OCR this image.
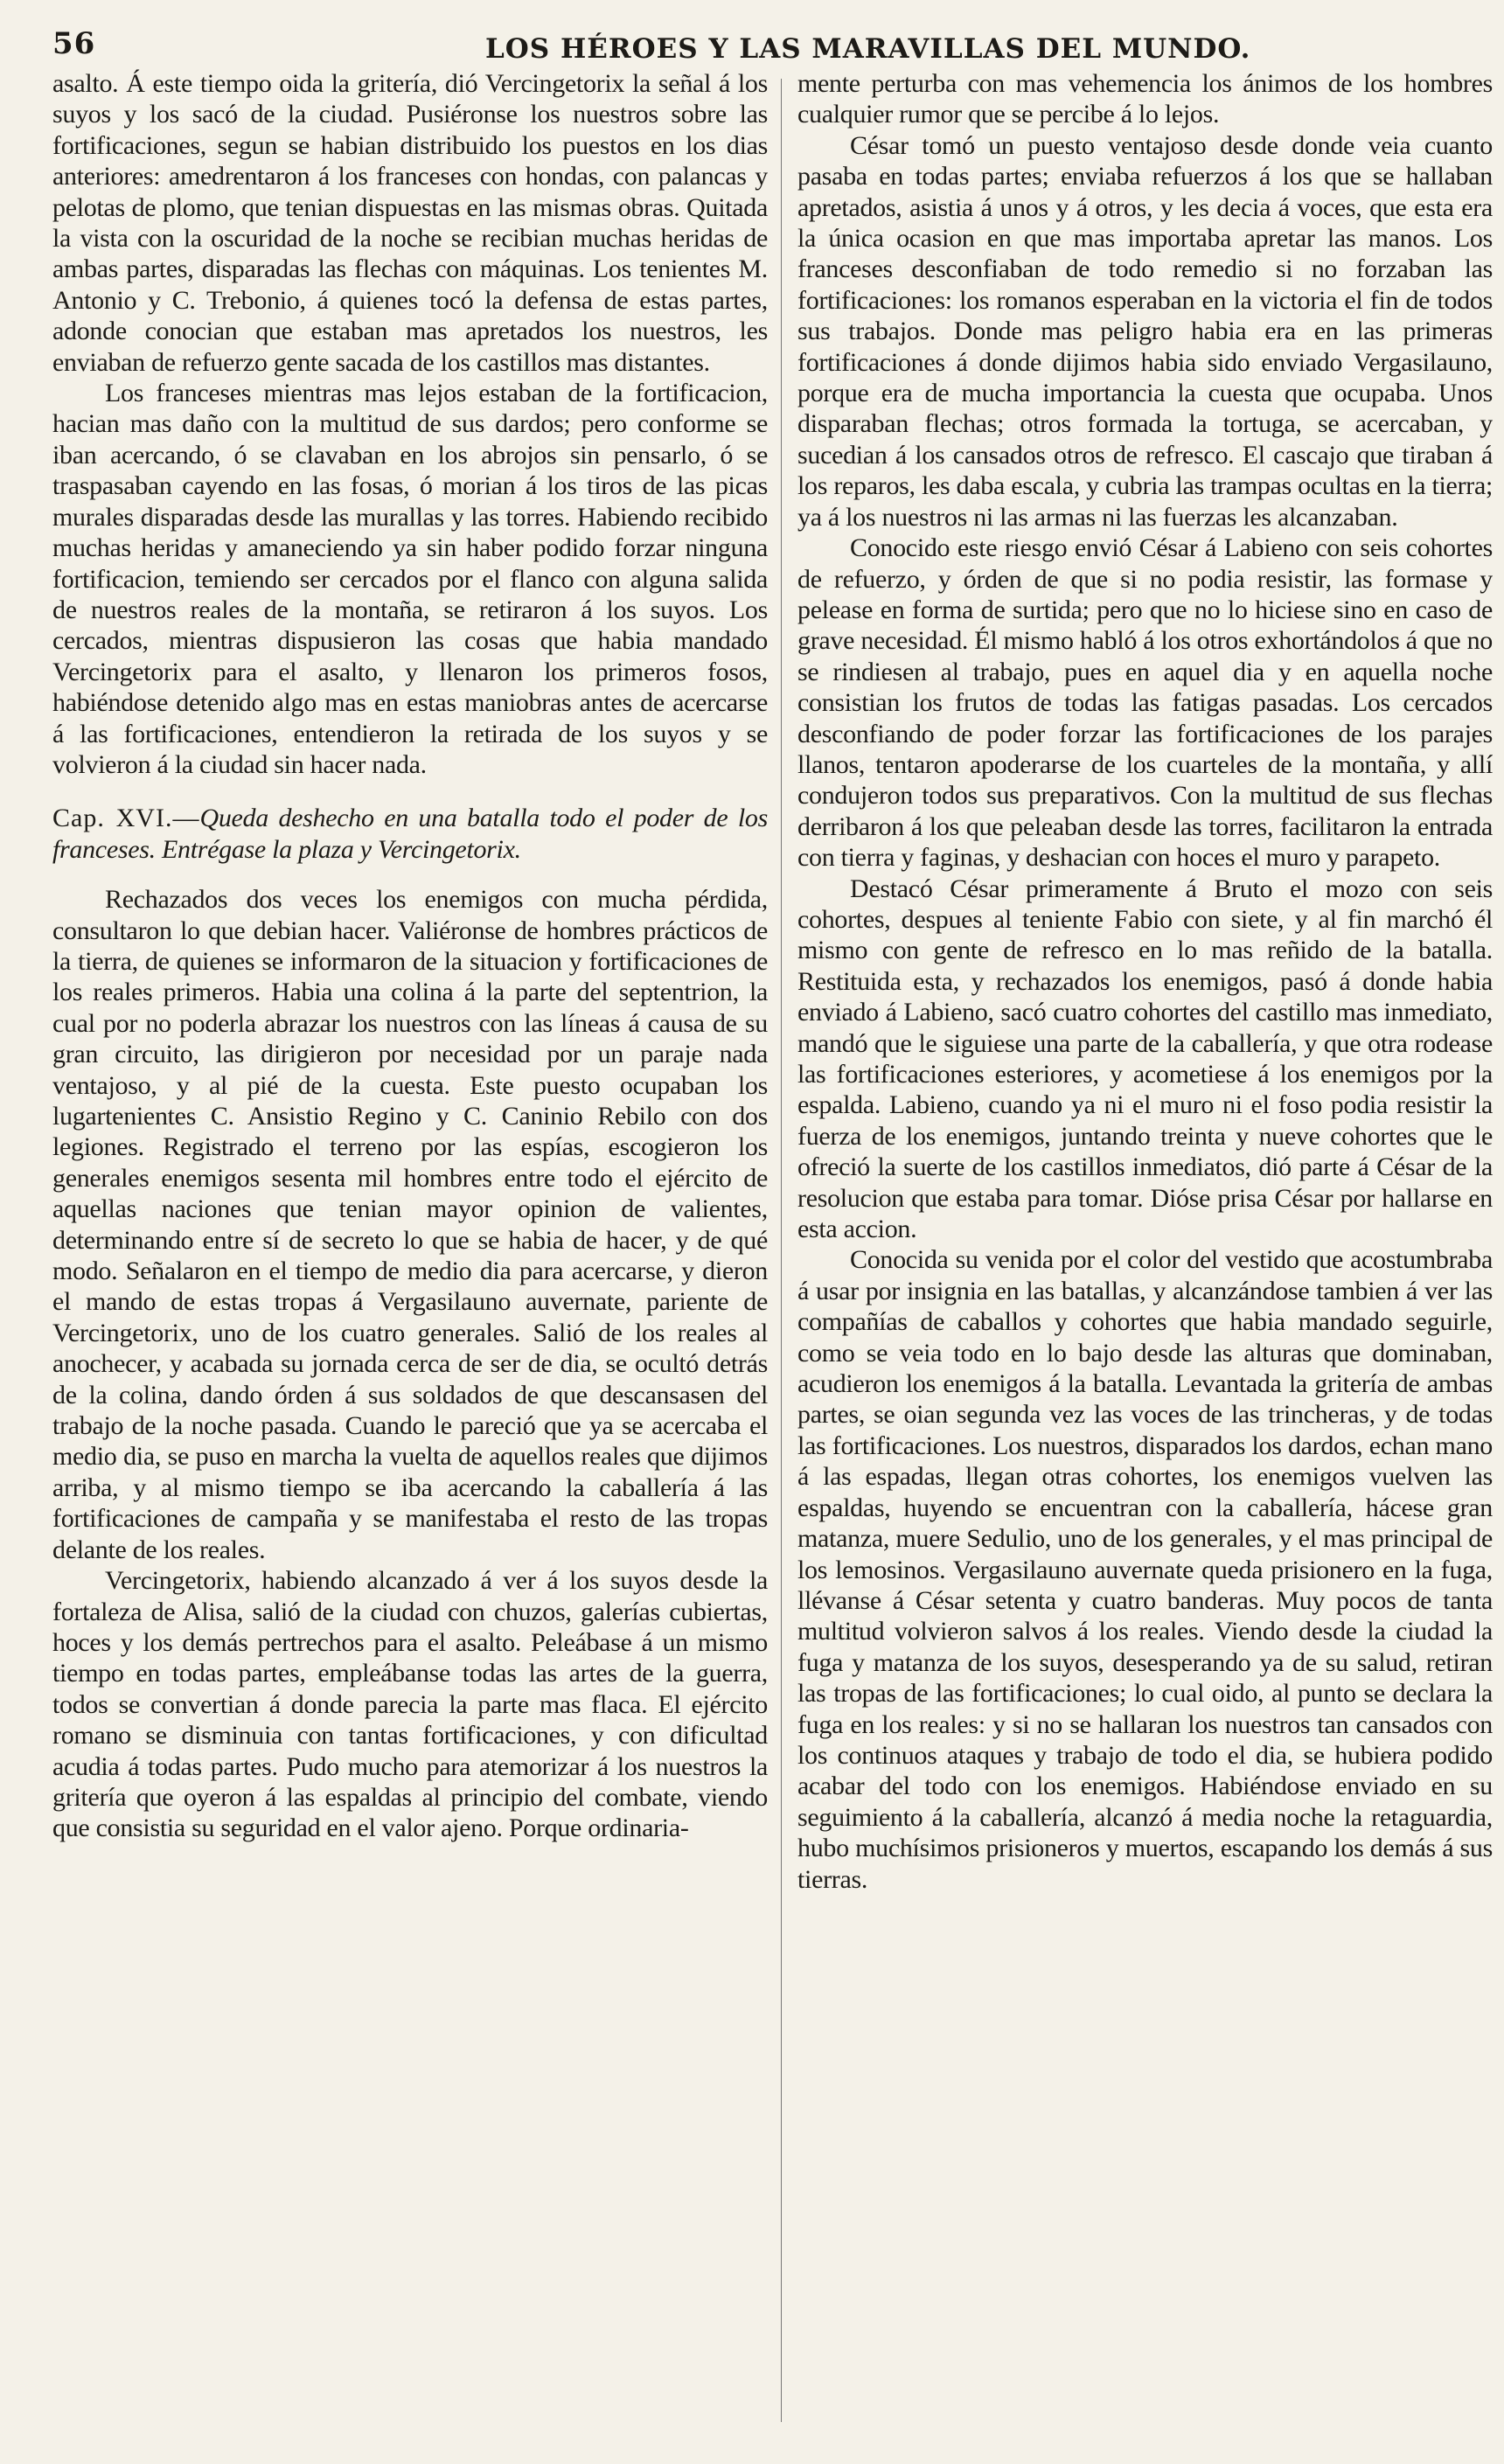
56	LOS HÉROES Y LAS MARAVILLAS DEL MUNDO.

asalto. Á este tiempo oida la gritería, dió Vercingetorix la señal á los suyos y los sacó de la ciudad. Pusiéronse los nuestros sobre las fortificaciones, segun se habian distribuido los puestos en los dias anteriores: amedrentaron á los franceses con hondas, con palancas y pelotas de plomo, que tenian dispuestas en las mismas obras. Quitada la vista con la oscuridad de la noche se recibian muchas heridas de ambas partes, disparadas las flechas con máquinas. Los tenientes M. Antonio y C. Trebonio, á quienes tocó la defensa de estas partes, adonde conocian que estaban mas apretados los nuestros, les enviaban de refuerzo gente sacada de los castillos mas distantes.

Los franceses mientras mas lejos estaban de la fortificacion, hacian mas daño con la multitud de sus dardos; pero conforme se iban acercando, ó se clavaban en los abrojos sin pensarlo, ó se traspasaban cayendo en las fosas, ó morian á los tiros de las picas murales disparadas desde las murallas y las torres. Habiendo recibido muchas heridas y amaneciendo ya sin haber podido forzar ninguna fortificacion, temiendo ser cercados por el flanco con alguna salida de nuestros reales de la montaña, se retiraron á los suyos. Los cercados, mientras dispusieron las cosas que habia mandado Vercingetorix para el asalto, y llenaron los primeros fosos, habiéndose detenido algo mas en estas maniobras antes de acercarse á las fortificaciones, entendieron la retirada de los suyos y se volvieron á la ciudad sin hacer nada.

Cap. XVI.—Queda deshecho en una batalla todo el poder de los franceses. Entrégase la plaza y Vercingetorix.

Rechazados dos veces los enemigos con mucha pérdida, consultaron lo que debian hacer. Valiéronse de hombres prácticos de la tierra, de quienes se informaron de la situacion y fortificaciones de los reales primeros. Habia una colina á la parte del septentrion, la cual por no poderla abrazar los nuestros con las líneas á causa de su gran circuito, las dirigieron por necesidad por un paraje nada ventajoso, y al pié de la cuesta. Este puesto ocupaban los lugartenientes C. Ansistio Regino y C. Caninio Rebilo con dos legiones. Registrado el terreno por las espías, escogieron los generales enemigos sesenta mil hombres entre todo el ejército de aquellas naciones que tenian mayor opinion de valientes, determinando entre sí de secreto lo que se habia de hacer, y de qué modo. Señalaron en el tiempo de medio dia para acercarse, y dieron el mando de estas tropas á Vergasilauno auvernate, pariente de Vercingetorix, uno de los cuatro generales. Salió de los reales al anochecer, y acabada su jornada cerca de ser de dia, se ocultó detrás de la colina, dando órden á sus soldados de que descansasen del trabajo de la noche pasada. Cuando le pareció que ya se acercaba el medio dia, se puso en marcha la vuelta de aquellos reales que dijimos arriba, y al mismo tiempo se iba acercando la caballería á las fortificaciones de campaña y se manifestaba el resto de las tropas delante de los reales.

Vercingetorix, habiendo alcanzado á ver á los suyos desde la fortaleza de Alisa, salió de la ciudad con chuzos, galerías cubiertas, hoces y los demás pertrechos para el asalto. Peleábase á un mismo tiempo en todas partes, empleábanse todas las artes de la guerra, todos se convertian á donde parecia la parte mas flaca. El ejército romano se disminuia con tantas fortificaciones, y con dificultad acudia á todas partes. Pudo mucho para atemorizar á los nuestros la gritería que oyeron á las espaldas al principio del combate, viendo que consistia su seguridad en el valor ajeno. Porque ordinaria-

mente perturba con mas vehemencia los ánimos de los hombres cualquier rumor que se percibe á lo lejos.

César tomó un puesto ventajoso desde donde veia cuanto pasaba en todas partes; enviaba refuerzos á los que se hallaban apretados, asistia á unos y á otros, y les decia á voces, que esta era la única ocasion en que mas importaba apretar las manos. Los franceses desconfiaban de todo remedio si no forzaban las fortificaciones: los romanos esperaban en la victoria el fin de todos sus trabajos. Donde mas peligro habia era en las primeras fortificaciones á donde dijimos habia sido enviado Vergasilauno, porque era de mucha importancia la cuesta que ocupaba. Unos disparaban flechas; otros formada la tortuga, se acercaban, y sucedian á los cansados otros de refresco. El cascajo que tiraban á los reparos, les daba escala, y cubria las trampas ocultas en la tierra; ya á los nuestros ni las armas ni las fuerzas les alcanzaban.

Conocido este riesgo envió César á Labieno con seis cohortes de refuerzo, y órden de que si no podia resistir, las formase y pelease en forma de surtida; pero que no lo hiciese sino en caso de grave necesidad. Él mismo habló á los otros exhortándolos á que no se rindiesen al trabajo, pues en aquel dia y en aquella noche consistian los frutos de todas las fatigas pasadas. Los cercados desconfiando de poder forzar las fortificaciones de los parajes llanos, tentaron apoderarse de los cuarteles de la montaña, y allí condujeron todos sus preparativos. Con la multitud de sus flechas derribaron á los que peleaban desde las torres, facilitaron la entrada con tierra y faginas, y deshacian con hoces el muro y parapeto.

Destacó César primeramente á Bruto el mozo con seis cohortes, despues al teniente Fabio con siete, y al fin marchó él mismo con gente de refresco en lo mas reñido de la batalla. Restituida esta, y rechazados los enemigos, pasó á donde habia enviado á Labieno, sacó cuatro cohortes del castillo mas inmediato, mandó que le siguiese una parte de la caballería, y que otra rodease las fortificaciones esteriores, y acometiese á los enemigos por la espalda. Labieno, cuando ya ni el muro ni el foso podia resistir la fuerza de los enemigos, juntando treinta y nueve cohortes que le ofreció la suerte de los castillos inmediatos, dió parte á César de la resolucion que estaba para tomar. Dióse prisa César por hallarse en esta accion.

Conocida su venida por el color del vestido que acostumbraba á usar por insignia en las batallas, y alcanzándose tambien á ver las compañías de caballos y cohortes que habia mandado seguirle, como se veia todo en lo bajo desde las alturas que dominaban, acudieron los enemigos á la batalla. Levantada la gritería de ambas partes, se oian segunda vez las voces de las trincheras, y de todas las fortificaciones. Los nuestros, disparados los dardos, echan mano á las espadas, llegan otras cohortes, los enemigos vuelven las espaldas, huyendo se encuentran con la caballería, hácese gran matanza, muere Sedulio, uno de los generales, y el mas principal de los lemosinos. Vergasilauno auvernate queda prisionero en la fuga, llévanse á César setenta y cuatro banderas. Muy pocos de tanta multitud volvieron salvos á los reales. Viendo desde la ciudad la fuga y matanza de los suyos, desesperando ya de su salud, retiran las tropas de las fortificaciones; lo cual oido, al punto se declara la fuga en los reales: y si no se hallaran los nuestros tan cansados con los continuos ataques y trabajo de todo el dia, se hubiera podido acabar del todo con los enemigos. Habiéndose enviado en su seguimiento á la caballería, alcanzó á media noche la retaguardia, hubo muchísimos prisioneros y muertos, escapando los demás á sus tierras.
